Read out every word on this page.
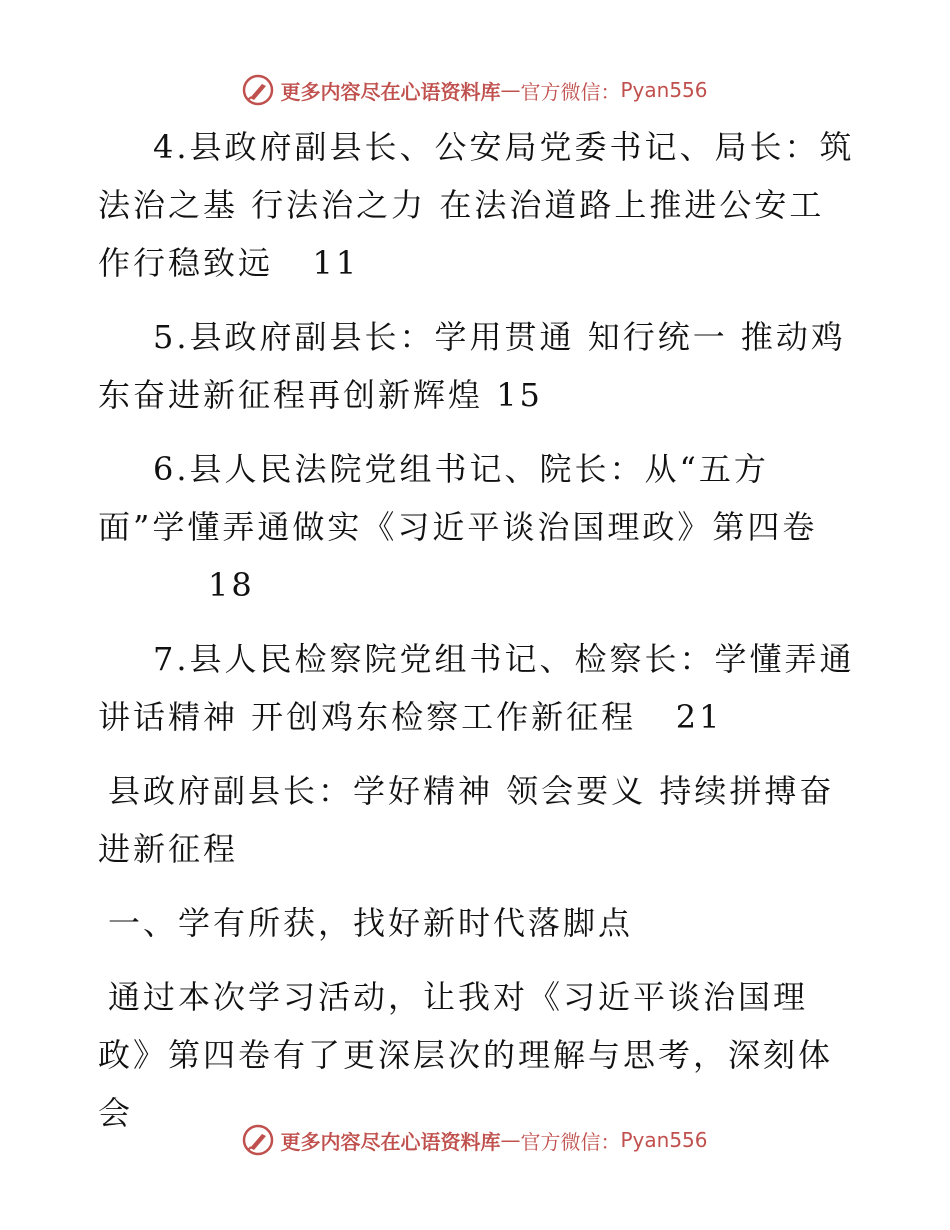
更多内容尽在心语资料库 — 官方微信： Pyan556

4.县政府副县长、公安局党委书记、局长：筑法治之基 行法治之力 在法治道路上推进公安工作行稳致远 11

5.县政府副县长：学用贯通 知行统一 推动鸡东奋进新征程再创新辉煌 15

6.县人民法院党组书记、院长：从“五方面”学懂弄通做实《习近平谈治国理政》第四卷
18

7.县人民检察院党组书记、检察长：学懂弄通讲话精神 开创鸡东检察工作新征程 21

县政府副县长：学好精神 领会要义 持续拼搏奋进新征程

一、学有所获，找好新时代落脚点

通过本次学习活动，让我对《习近平谈治国理政》第四卷有了更深层次的理解与思考，深刻体会

更多内容尽在心语资料库 — 官方微信： Pyan556
